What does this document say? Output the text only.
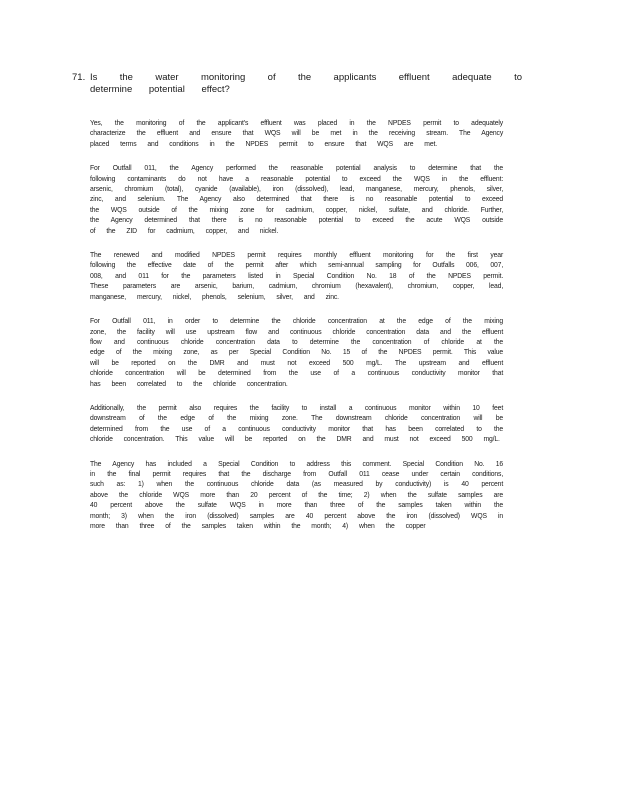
71. Is the water monitoring of the applicants effluent adequate to determine potential effect?

Yes, the monitoring of the applicant's effluent was placed in the NPDES permit to adequately characterize the effluent and ensure that WQS will be met in the receiving stream. The Agency placed terms and conditions in the NPDES permit to ensure that WQS are met.

For Outfall 011, the Agency performed the reasonable potential analysis to determine that the following contaminants do not have a reasonable potential to exceed the WQS in the effluent: arsenic, chromium (total), cyanide (available), iron (dissolved), lead, manganese, mercury, phenols, silver, zinc, and selenium. The Agency also determined that there is no reasonable potential to exceed the WQS outside of the mixing zone for cadmium, copper, nickel, sulfate, and chloride. Further, the Agency determined that there is no reasonable potential to exceed the acute WQS outside of the ZID for cadmium, copper, and nickel.

The renewed and modified NPDES permit requires monthly effluent monitoring for the first year following the effective date of the permit after which semi-annual sampling for Outfalls 006, 007, 008, and 011 for the parameters listed in Special Condition No. 18 of the NPDES permit. These parameters are arsenic, barium, cadmium, chromium (hexavalent), chromium, copper, lead, manganese, mercury, nickel, phenols, selenium, silver, and zinc.

For Outfall 011, in order to determine the chloride concentration at the edge of the mixing zone, the facility will use upstream flow and continuous chloride concentration data and the effluent flow and continuous chloride concentration data to determine the concentration of chloride at the edge of the mixing zone, as per Special Condition No. 15 of the NPDES permit. This value will be reported on the DMR and must not exceed 500 mg/L. The upstream and effluent chloride concentration will be determined from the use of a continuous conductivity monitor that has been correlated to the chloride concentration.

Additionally, the permit also requires the facility to install a continuous monitor within 10 feet downstream of the edge of the mixing zone. The downstream chloride concentration will be determined from the use of a continuous conductivity monitor that has been correlated to the chloride concentration. This value will be reported on the DMR and must not exceed 500 mg/L.

The Agency has included a Special Condition to address this comment. Special Condition No. 16 in the final permit requires that the discharge from Outfall 011 cease under certain conditions, such as: 1) when the continuous chloride data (as measured by conductivity) is 40 percent above the chloride WQS more than 20 percent of the time; 2) when the sulfate samples are 40 percent above the sulfate WQS in more than three of the samples taken within the month; 3) when the iron (dissolved) samples are 40 percent above the iron (dissolved) WQS in more than three of the samples taken within the month; 4) when the copper
